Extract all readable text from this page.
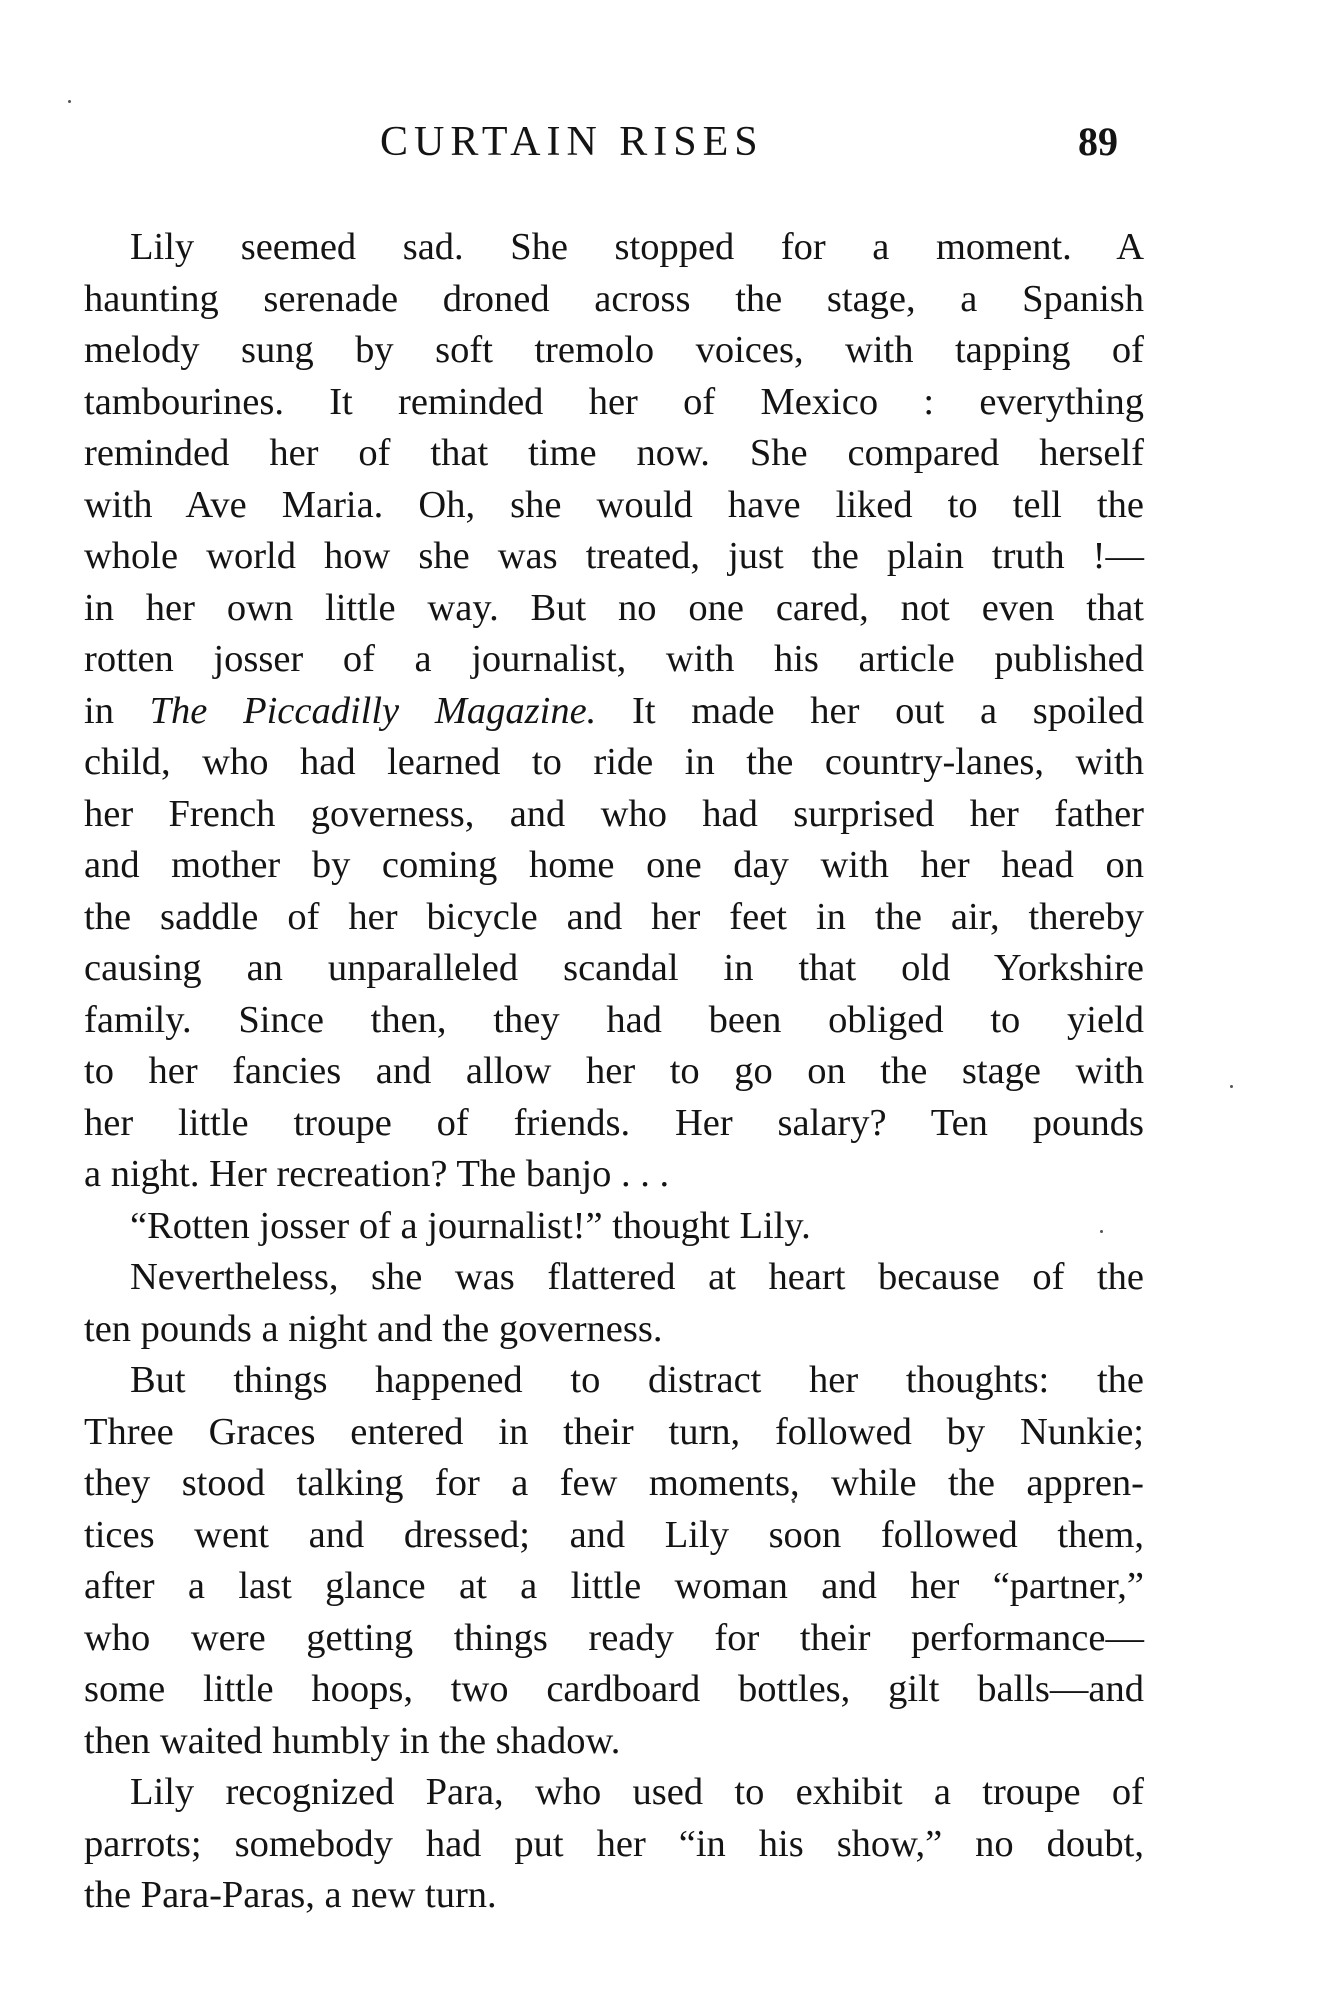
CURTAIN RISES	89
Lily seemed sad. She stopped for a moment. A
haunting serenade droned across the stage, a Spanish
melody sung by soft tremolo voices, with tapping of
tambourines. It reminded her of Mexico : everything
reminded her of that time now. She compared herself
with Ave Maria. Oh, she would have liked to tell the
whole world how she was treated, just the plain truth !—
in her own little way. But no one cared, not even that
rotten josser of a journalist, with his article published
in The Piccadilly Magazine. It made her out a spoiled
child, who had learned to ride in the country-lanes, with
her French governess, and who had surprised her father
and mother by coming home one day with her head on
the saddle of her bicycle and her feet in the air, thereby
causing an unparalleled scandal in that old Yorkshire
family. Since then, they had been obliged to yield
to her fancies and allow her to go on the stage with
her little troupe of friends. Her salary? Ten pounds
a night. Her recreation? The banjo . . .
“Rotten josser of a journalist!” thought Lily.
Nevertheless, she was flattered at heart because of the
ten pounds a night and the governess.
But things happened to distract her thoughts: the
Three Graces entered in their turn, followed by Nunkie;
they stood talking for a few moments, while the appren-
tices went and dressed; and Lily soon followed them,
after a last glance at a little woman and her “partner,”
who were getting things ready for their performance—
some little hoops, two cardboard bottles, gilt balls—and
then waited humbly in the shadow.
Lily recognized Para, who used to exhibit a troupe of
parrots; somebody had put her “in his show,” no doubt,
the Para-Paras, a new turn.
